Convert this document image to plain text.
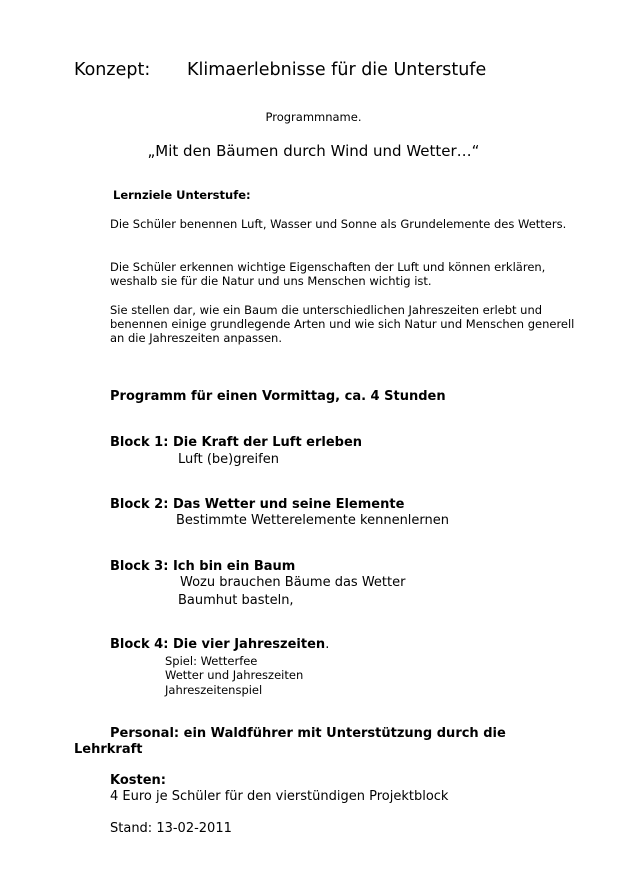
Konzept: Klimaerlebnisse für die Unterstufe
Programmname.
„Mit den Bäumen durch Wind und Wetter…“
Lernziele Unterstufe:
Die Schüler benennen Luft, Wasser und Sonne als Grundelemente des Wetters.
Die Schüler erkennen wichtige Eigenschaften der Luft und können erklären, weshalb sie für die Natur und uns Menschen wichtig ist.
Sie stellen dar, wie ein Baum die unterschiedlichen Jahreszeiten erlebt und benennen einige grundlegende Arten und wie sich Natur und Menschen generell an die Jahreszeiten anpassen.
Programm für einen Vormittag, ca. 4 Stunden
Block 1: Die Kraft der Luft erleben
Luft (be)greifen
Block 2: Das Wetter und seine Elemente
Bestimmte Wetterelemente kennenlernen
Block 3: Ich bin ein Baum
Wozu brauchen Bäume das Wetter
Baumhut basteln,
Block 4: Die vier Jahreszeiten.
Spiel: Wetterfee
Wetter und Jahreszeiten
Jahreszeitenspiel
Personal: ein Waldführer mit Unterstützung durch die
Lehrkraft
Kosten:
4 Euro je Schüler für den vierstündigen Projektblock
Stand: 13-02-2011
